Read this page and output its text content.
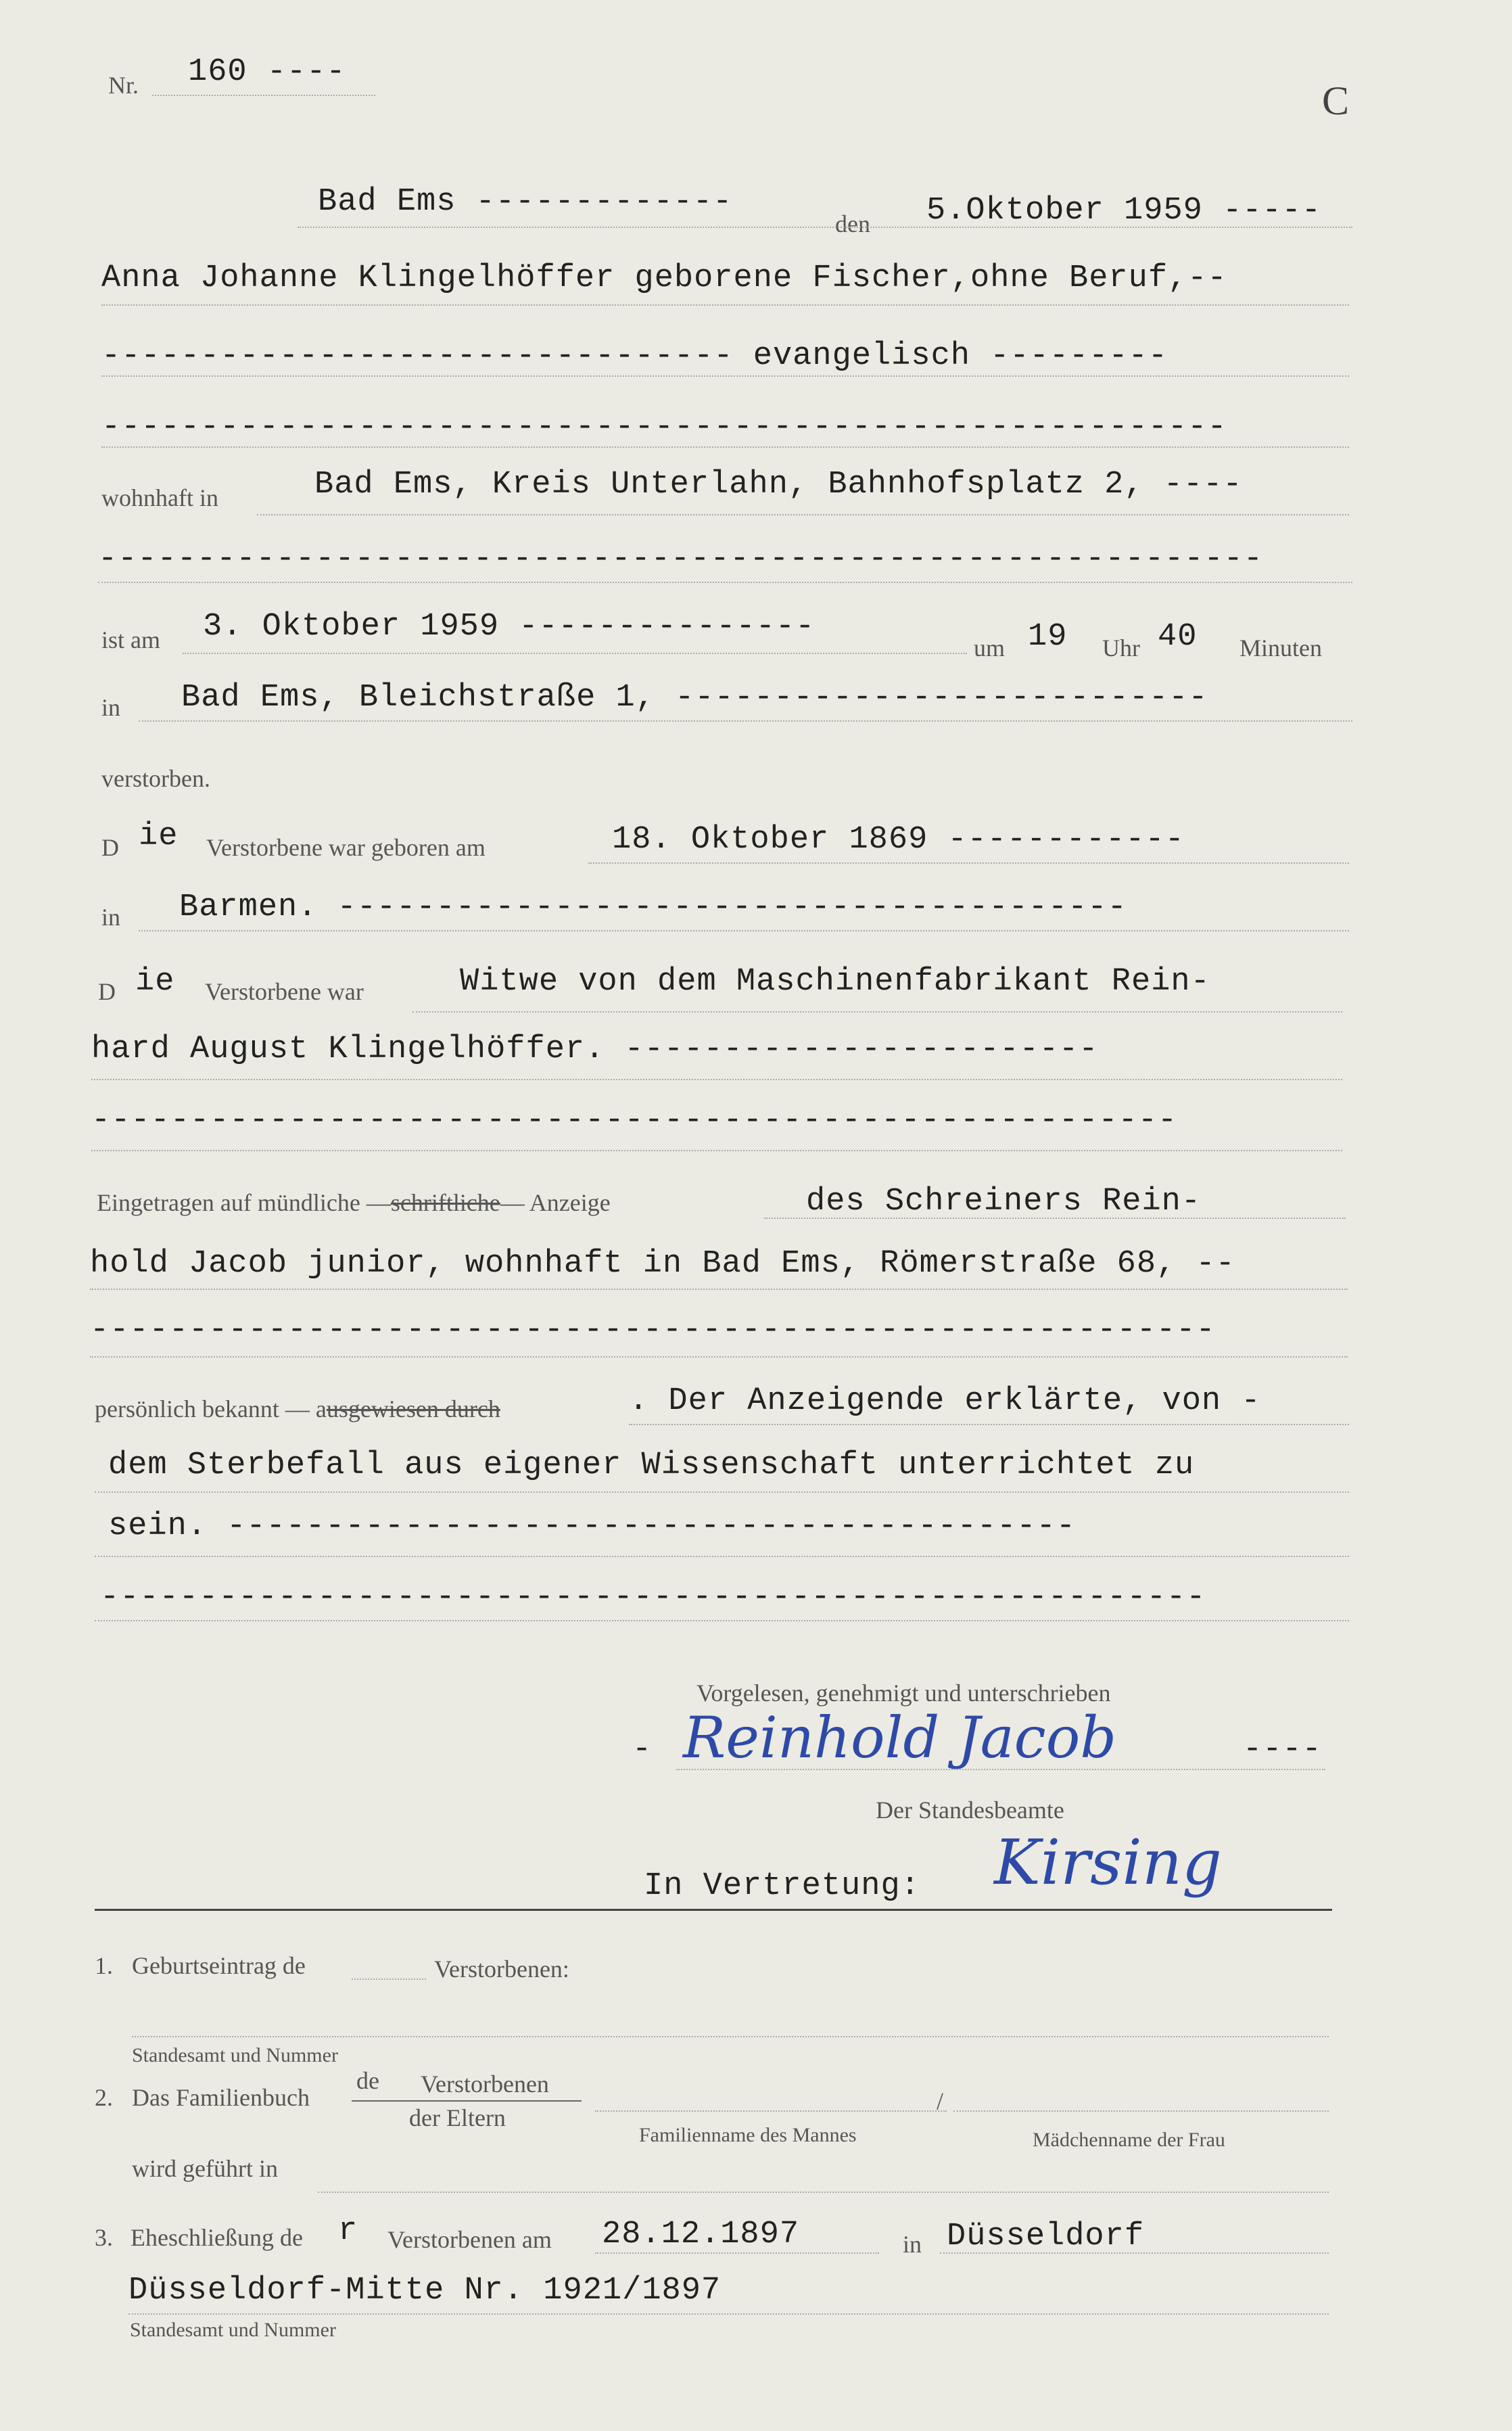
Nr. 160 ----
C
Bad Ems -------------
den 5.Oktober 1959 -----
Anna Johanne Klingelhöffer geborene Fischer,ohne Beruf,--
-------------------------------- evangelisch ---------
---------------------------------------------------------
wohnhaft in	Bad Ems, Kreis Unterlahn, Bahnhofsplatz 2, ----
-----------------------------------------------------------
ist am 3. Oktober 1959 ---------------
um 19 Uhr 40 Minuten
in Bad Ems, Bleichstraße 1, ---------------------------
verstorben.
D ie Verstorbene war geboren am	18. Oktober 1869 ------------
in Barmen. ----------------------------------------
D ie Verstorbene war	Witwe von dem Maschinenfabrikant Rein-
hard August Klingelhöffer. ------------------------
-------------------------------------------------------
Eingetragen auf mündliche —schriftliche— Anzeige	des Schreiners Rein-
hold Jacob junior, wohnhaft in Bad Ems, Römerstraße 68, --
---------------------------------------------------------
persönlich bekannt — ausgewiesen durch	. Der Anzeigende erklärte, von -
dem Sterbefall aus eigener Wissenschaft unterrichtet zu
sein. -------------------------------------------
--------------------------------------------------------
Vorgelesen, genehmigt und unterschrieben
- Reinhold Jacob	----
Der Standesbeamte
In Vertretung: Kirsing
1. Geburtseintrag de	Verstorbenen:
Standesamt und Nummer
2. Das Familienbuch
de Verstorbenen
der Eltern
/
Familienname des Mannes	Mädchenname der Frau
wird geführt in
3. Eheschließung de r Verstorbenen am 28.12.1897	in Düsseldorf
Düsseldorf-Mitte Nr. 1921/1897
Standesamt und Nummer
